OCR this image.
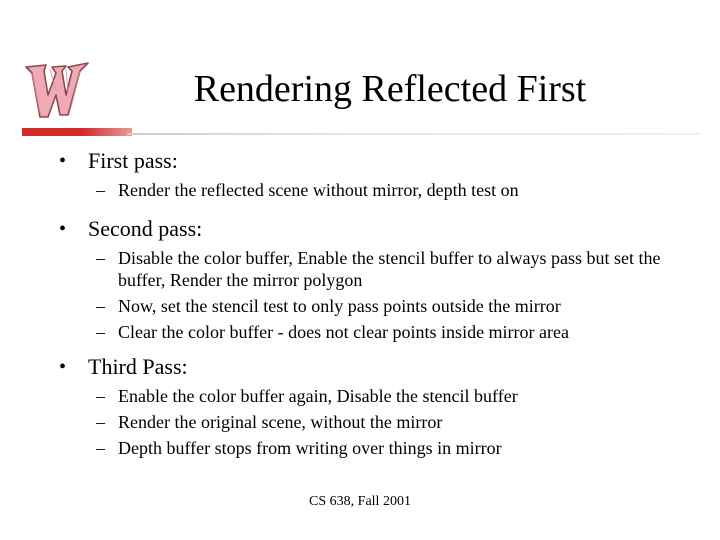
Rendering Reflected First
• First pass:
– Render the reflected scene without mirror, depth test on
• Second pass:
– Disable the color buffer, Enable the stencil buffer to always pass but set the buffer, Render the mirror polygon
– Now, set the stencil test to only pass points outside the mirror
– Clear the color buffer - does not clear points inside mirror area
• Third Pass:
– Enable the color buffer again, Disable the stencil buffer
– Render the original scene, without the mirror
– Depth buffer stops from writing over things in mirror
CS 638, Fall 2001
